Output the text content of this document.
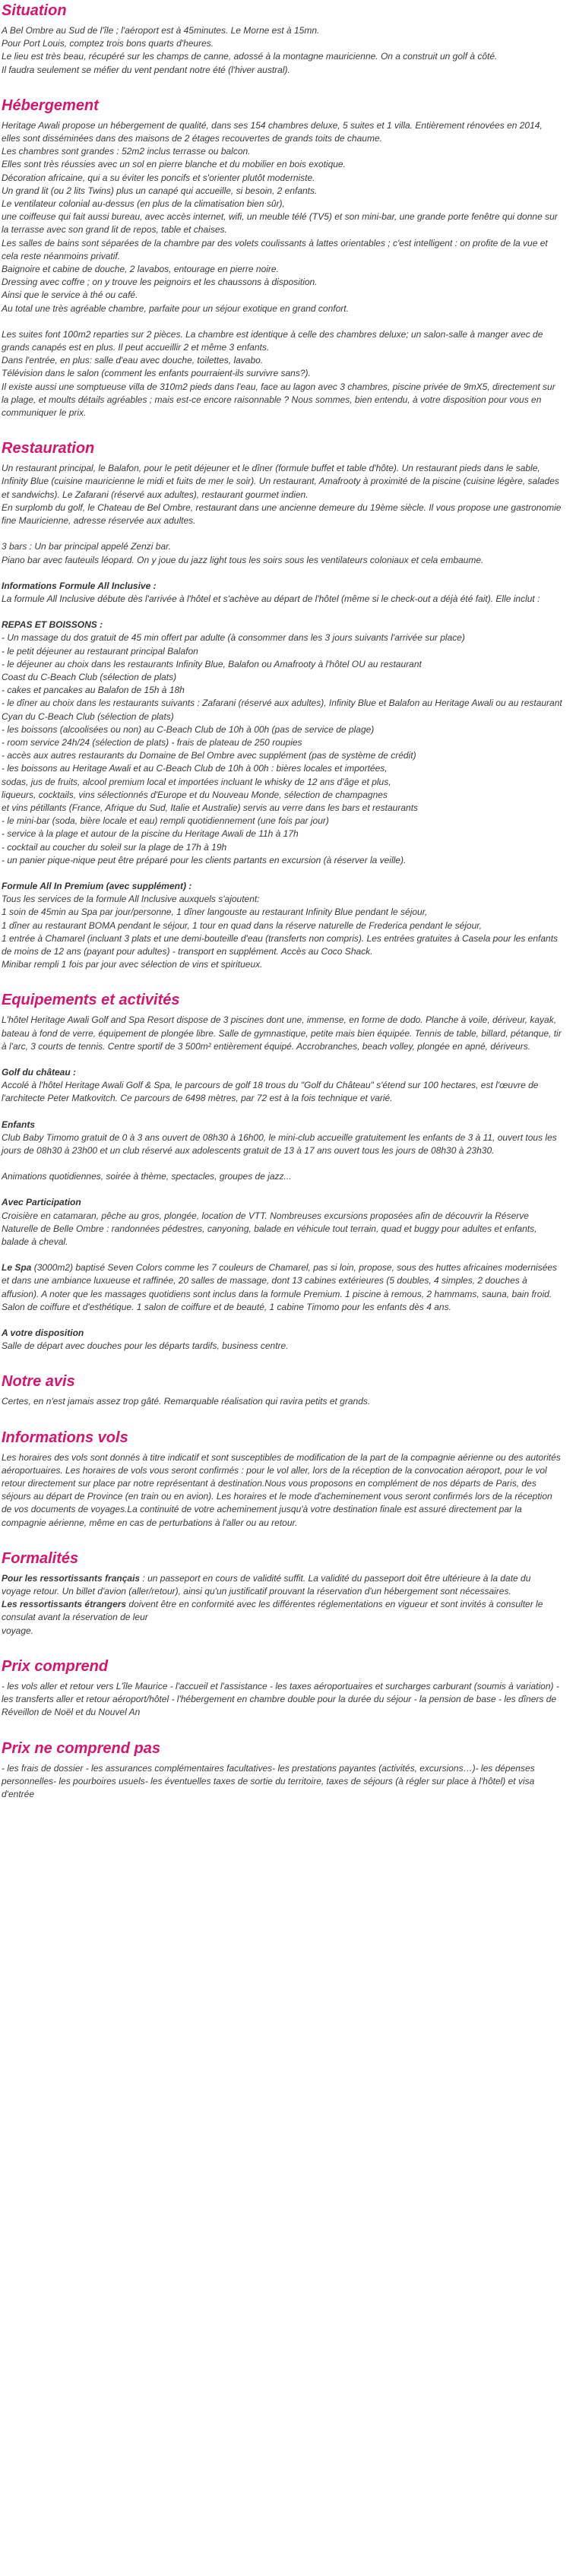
Situation
A Bel Ombre au Sud de l'île ; l'aéroport est à 45minutes. Le Morne est à 15mn.
Pour Port Louis, comptez trois bons quarts d'heures.
Le lieu est très beau, récupéré sur les champs de canne, adossé à la montagne mauricienne. On a construit un golf à côté.
Il faudra seulement se méfier du vent pendant notre été (l'hiver austral).
Hébergement
Heritage Awali propose un hébergement de qualité, dans ses 154 chambres deluxe, 5 suites et 1 villa. Entièrement rénovées en 2014, elles sont disséminées dans des maisons de 2 étages recouvertes de grands toits de chaume.
Les chambres sont grandes : 52m2 inclus terrasse ou balcon.
Elles sont très réussies avec un sol en pierre blanche et du mobilier en bois exotique.
Décoration africaine, qui a su éviter les poncifs et s'orienter plutôt moderniste.
Un grand lit (ou 2 lits Twins) plus un canapé qui accueille, si besoin, 2 enfants.
Le ventilateur colonial au-dessus (en plus de la climatisation bien sûr),
une coiffeuse qui fait aussi bureau, avec accès internet, wifi, un meuble télé (TV5) et son mini-bar, une grande porte fenêtre qui donne sur la terrasse avec son grand lit de repos, table et chaises.
Les salles de bains sont séparées de la chambre par des volets coulissants à lattes orientables ; c'est intelligent : on profite de la vue et cela reste néanmoins privatif.
Baignoire et cabine de douche, 2 lavabos, entourage en pierre noire.
Dressing avec coffre ; on y trouve les peignoirs et les chaussons à disposition.
Ainsi que le service à thé ou café.
Au total une très agréable chambre, parfaite pour un séjour exotique en grand confort.
Les suites font 100m2 reparties sur 2 pièces. La chambre est identique à celle des chambres deluxe; un salon-salle à manger avec de grands canapés est en plus. Il peut accueillir 2 et même 3 enfants.
Dans l'entrée, en plus: salle d'eau avec douche, toilettes, lavabo.
Télévision dans le salon (comment les enfants pourraient-ils survivre sans?).
Il existe aussi une somptueuse villa de 310m2 pieds dans l'eau, face au lagon avec 3 chambres, piscine privée de 9mX5, directement sur la plage, et moults détails agréables ; mais est-ce encore raisonnable ? Nous sommes, bien entendu, à votre disposition pour vous en communiquer le prix.
Restauration
Un restaurant principal, le Balafon, pour le petit déjeuner et le dîner (formule buffet et table d'hôte). Un restaurant pieds dans le sable, Infinity Blue (cuisine mauricienne le midi et fuits de mer le soir). Un restaurant, Amafrooty à proximité de la piscine (cuisine légère, salades et sandwichs). Le Zafarani (réservé aux adultes), restaurant gourmet indien.
En surplomb du golf, le Chateau de Bel Ombre, restaurant dans une ancienne demeure du 19ème siècle. Il vous propose une gastronomie fine Mauricienne, adresse réservée aux adultes.
3 bars : Un bar principal appelé Zenzi bar.
Piano bar avec fauteuils léopard. On y joue du jazz light tous les soirs sous les ventilateurs coloniaux et cela embaume.
Informations Formule All Inclusive :
La formule All Inclusive débute dès l'arrivée à l'hôtel et s'achève au départ de l'hôtel (même si le check-out a déjà été fait). Elle inclut :
REPAS ET BOISSONS :
- Un massage du dos gratuit de 45 min offert par adulte (à consommer dans les 3 jours suivants l'arrivée sur place)
- le petit déjeuner au restaurant principal Balafon
- le déjeuner au choix dans les restaurants Infinity Blue, Balafon ou Amafrooty à l'hôtel OU au restaurant
Coast du C-Beach Club (sélection de plats)
- cakes et pancakes au Balafon de 15h à 18h
- le dîner au choix dans les restaurants suivants : Zafarani (réservé aux adultes), Infinity Blue et Balafon au Heritage Awali ou au restaurant Cyan du C-Beach Club (sélection de plats)
- les boissons (alcoolisées ou non) au C-Beach Club de 10h à 00h (pas de service de plage)
- room service 24h/24 (sélection de plats) - frais de plateau de 250 roupies
- accès aux autres restaurants du Domaine de Bel Ombre avec supplément (pas de système de crédit)
- les boissons au Heritage Awali et au C-Beach Club de 10h à 00h : bières locales et importées,
sodas, jus de fruits, alcool premium local et importées incluant le whisky de 12 ans d'âge et plus,
liqueurs, cocktails, vins sélectionnés d'Europe et du Nouveau Monde, sélection de champagnes
et vins pétillants (France, Afrique du Sud, Italie et Australie) servis au verre dans les bars et restaurants
- le mini-bar (soda, bière locale et eau) rempli quotidiennement (une fois par jour)
- service à la plage et autour de la piscine du Heritage Awali de 11h à 17h
- cocktail au coucher du soleil sur la plage de 17h à 19h
- un panier pique-nique peut être préparé pour les clients partants en excursion (à réserver la veille).
Formule All In Premium (avec supplément) :
Tous les services de la formule All Inclusive auxquels s'ajoutent:
1 soin de 45min au Spa par jour/personne, 1 dîner langouste au restaurant Infinity Blue pendant le séjour,
1 dîner au restaurant BOMA pendant le séjour, 1 tour en quad dans la réserve naturelle de Frederica pendant le séjour,
1 entrée à Chamarel (incluant 3 plats et une demi-bouteille d'eau (transferts non compris). Les entrées gratuites à Casela pour les enfants de moins de 12 ans (payant pour adultes) - transport en supplément. Accès au Coco Shack.
Minibar rempli 1 fois par jour avec sélection de vins et spiritueux.
Equipements et activités
L'hôtel Heritage Awali Golf and Spa Resort dispose de 3 piscines dont une, immense, en forme de dodo. Planche à voile, dériveur, kayak, bateau à fond de verre, équipement de plongée libre. Salle de gymnastique, petite mais bien équipée. Tennis de table, billard, pétanque, tir à l'arc, 3 courts de tennis. Centre sportif de 3 500m² entièrement équipé. Accrobranches, beach volley, plongée en apné, dériveurs.
Golf du château :
Accolé à l'hôtel Heritage Awali Golf & Spa, le parcours de golf 18 trous du "Golf du Château" s'étend sur 100 hectares, est l'œuvre de l'architecte Peter Matkovitch. Ce parcours de 6498 mètres, par 72 est à la fois technique et varié.
Enfants
Club Baby Timomo gratuit de 0 à 3 ans ouvert de 08h30 à 16h00, le mini-club accueille gratuitement les enfants de 3 à 11, ouvert tous les jours de 08h30 à 23h00 et un club réservé aux adolescents gratuit de 13 à 17 ans ouvert tous les jours de 08h30 à 23h30.
Animations quotidiennes, soirée à thème, spectacles, groupes de jazz...
Avec Participation
Croisière en catamaran, pêche au gros, plongée, location de VTT. Nombreuses excursions proposées afin de découvrir la Réserve Naturelle de Belle Ombre : randonnées pédestres, canyoning, balade en véhicule tout terrain, quad et buggy pour adultes et enfants, balade à cheval.
Le Spa (3000m2) baptisé Seven Colors comme les 7 couleurs de Chamarel, pas si loin, propose, sous des huttes africaines modernisées et dans une ambiance luxueuse et raffinée, 20 salles de massage, dont 13 cabines extérieures (5 doubles, 4 simples, 2 douches à affusion). A noter que les massages quotidiens sont inclus dans la formule Premium. 1 piscine à remous, 2 hammams, sauna, bain froid. Salon de coiffure et d'esthétique. 1 salon de coiffure et de beauté, 1 cabine Timomo pour les enfants dès 4 ans.
A votre disposition
Salle de départ avec douches pour les départs tardifs, business centre.
Notre avis
Certes, en n'est jamais assez trop gâté. Remarquable réalisation qui ravira petits et grands.
Informations vols
Les horaires des vols sont donnés à titre indicatif et sont susceptibles de modification de la part de la compagnie aérienne ou des autorités aéroportuaires. Les horaires de vols vous seront confirmés : pour le vol aller, lors de la réception de la convocation aéroport, pour le vol retour directement sur place par notre représentant à destination.Nous vous proposons en complément de nos départs de Paris, des séjours au départ de Province (en train ou en avion). Les horaires et le mode d'acheminement vous seront confirmés lors de la réception de vos documents de voyages.La continuité de votre acheminement jusqu'à votre destination finale est assuré directement par la compagnie aérienne, même en cas de perturbations à l'aller ou au retour.
Formalités
Pour les ressortissants français : un passeport en cours de validité suffit. La validité du passeport doit être ultérieure à la date du voyage retour. Un billet d'avion (aller/retour), ainsi qu'un justificatif prouvant la réservation d'un hébergement sont nécessaires.
Les ressortissants étrangers doivent être en conformité avec les différentes réglementations en vigueur et sont invités à consulter le consulat avant la réservation de leur
voyage.
Prix comprend
- les vols aller et retour vers L'île Maurice - l'accueil et l'assistance - les taxes aéroportuaires et surcharges carburant (soumis à variation) - les transferts aller et retour aéroport/hôtel - l'hébergement en chambre double pour la durée du séjour - la pension de base - les dîners de Réveillon de Noël et du Nouvel An
Prix ne comprend pas
- les frais de dossier - les assurances complémentaires facultatives- les prestations payantes (activités, excursions…)- les dépenses personnelles- les pourboires usuels- les éventuelles taxes de sortie du territoire, taxes de séjours (à régler sur place à l'hôtel) et visa d'entrée
